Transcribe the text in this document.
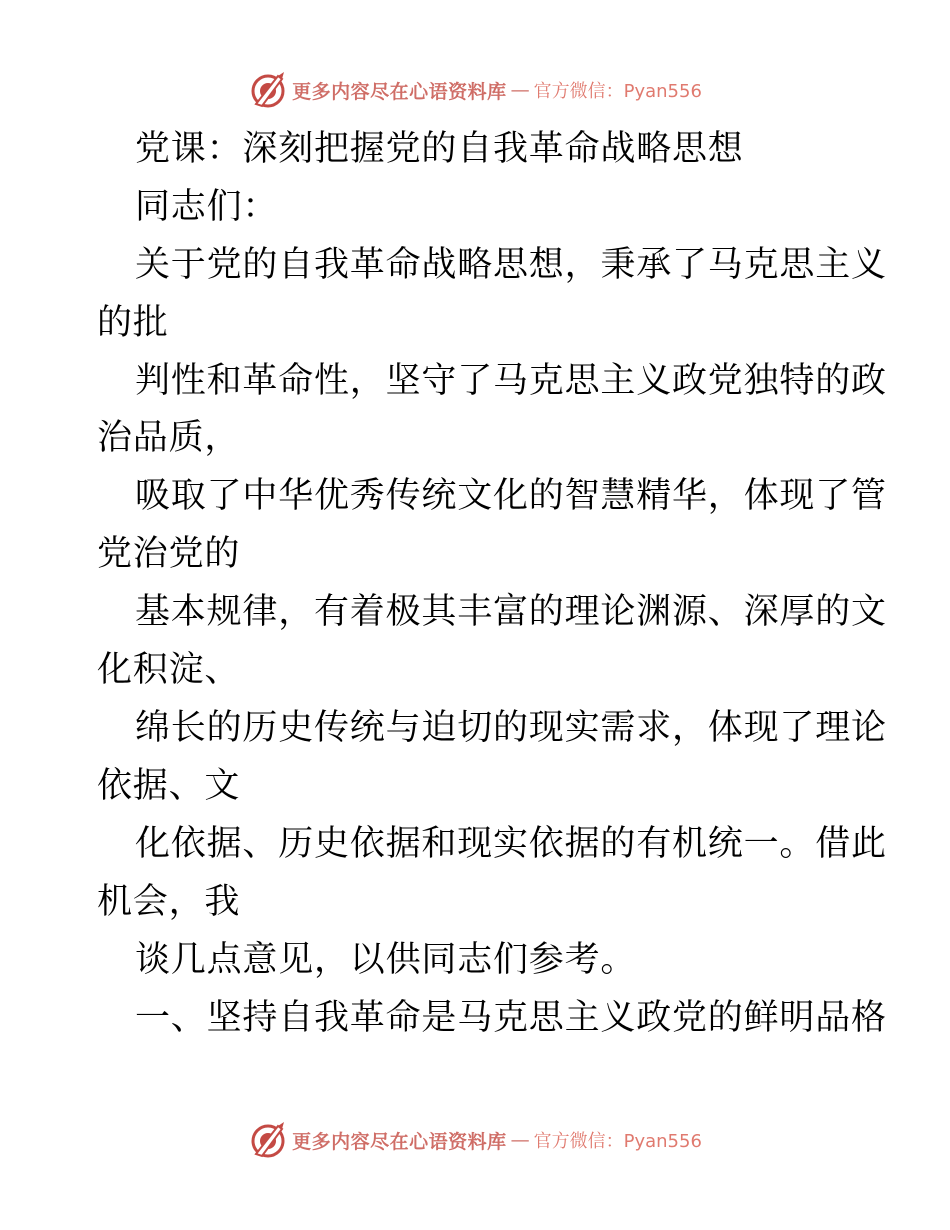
更多内容尽在心语资料库 — 官方微信：Pyan556

党课：深刻把握党的自我革命战略思想

同志们：

关于党的自我革命战略思想，秉承了马克思主义

的批

判性和革命性，坚守了马克思主义政党独特的政

治品质，

吸取了中华优秀传统文化的智慧精华，体现了管

党治党的

基本规律，有着极其丰富的理论渊源、深厚的文

化积淀、

绵长的历史传统与迫切的现实需求，体现了理论

依据、文

化依据、历史依据和现实依据的有机统一。借此

机会，我

谈几点意见，以供同志们参考。

一、坚持自我革命是马克思主义政党的鲜明品格

更多内容尽在心语资料库 — 官方微信：Pyan556
